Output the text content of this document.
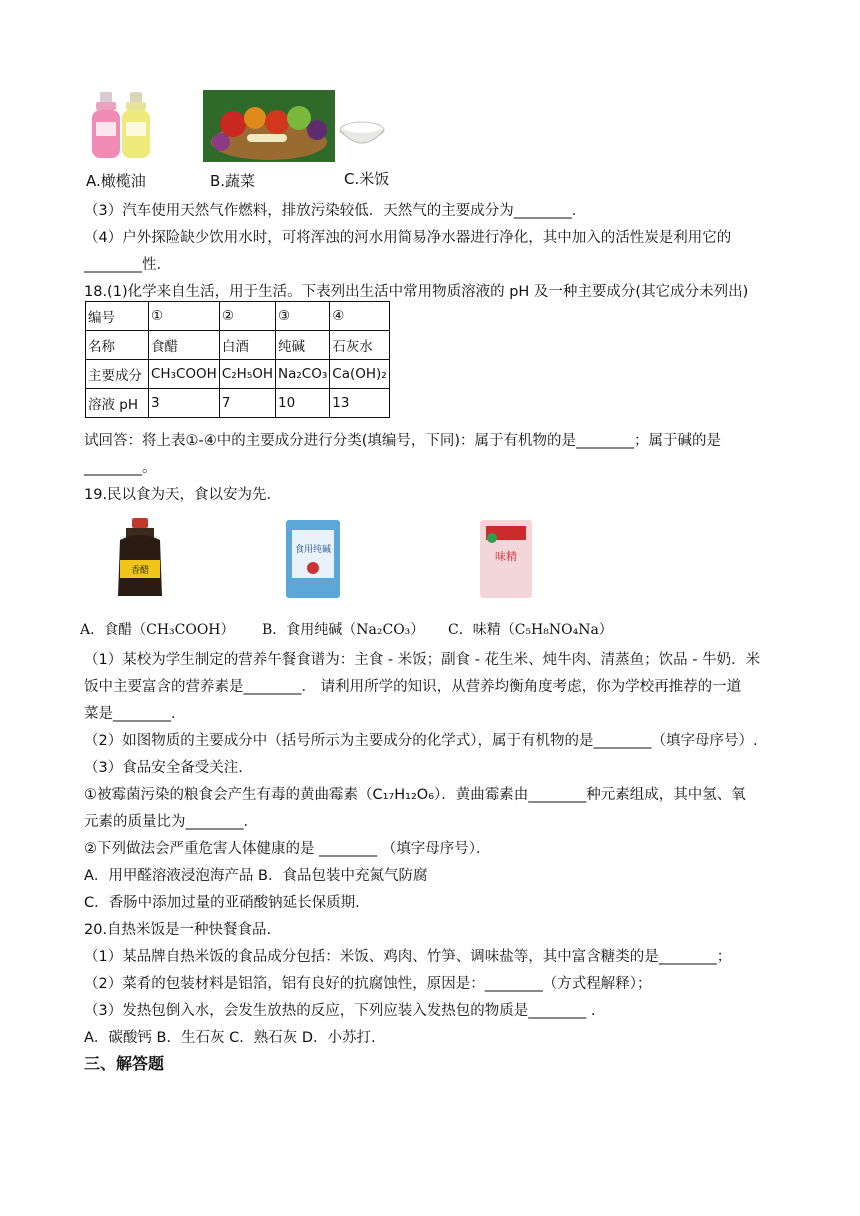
A.橄榄油	B.蔬菜	C.米饭
（3）汽车使用天然气作燃料，排放污染较低．天然气的主要成分为________．
（4）户外探险缺少饮用水时，可将浑浊的河水用简易净水器进行净化，其中加入的活性炭是利用它的
________性．
18.(1)化学来自生活，用于生活。下表列出生活中常用物质溶液的 pH 及一种主要成分(其它成分未列出)
编号	①	②	③	④
名称	食醋	白酒	纯碱	石灰水
主要成分	CH₃COOH	C₂H₅OH	Na₂CO₃	Ca(OH)₂
溶液 pH	3	7	10	13
试回答：将上表①-④中的主要成分进行分类(填编号，下同)：属于有机物的是________；属于碱的是
________。
19.民以食为天，食以安为先．
香醋
食用纯碱	味精
A．食醋（CH₃COOH） B．食用纯碱（Na₂CO₃） C．味精（C₅H₈NO₄Na）
（1）某校为学生制定的营养午餐食谱为：主食 - 米饭；副食 - 花生米、炖牛肉、清蒸鱼；饮品 - 牛奶．米
饭中主要富含的营养素是________． 请利用所学的知识，从营养均衡角度考虑，你为学校再推荐的一道
菜是________．
（2）如图物质的主要成分中（括号所示为主要成分的化学式），属于有机物的是________（填字母序号）.
（3）食品安全备受关注.
①被霉菌污染的粮食会产生有毒的黄曲霉素（C₁₇H₁₂O₆）．黄曲霉素由________种元素组成，其中氢、氧
元素的质量比为________．
②下列做法会严重危害人体健康的是 ________ （填字母序号）．
A．用甲醛溶液浸泡海产品 B．食品包装中充氮气防腐
C．香肠中添加过量的亚硝酸钠延长保质期.
20.自热米饭是一种快餐食品.
（1）某品牌自热米饭的食品成分包括：米饭、鸡肉、竹笋、调味盐等，其中富含糖类的是________；
（2）菜肴的包装材料是铝箔，铝有良好的抗腐蚀性，原因是：________（方式程解释）；
（3）发热包倒入水，会发生放热的反应，下列应装入发热包的物质是________ .
A．碳酸钙 B．生石灰 C．熟石灰 D．小苏打.
三、解答题
